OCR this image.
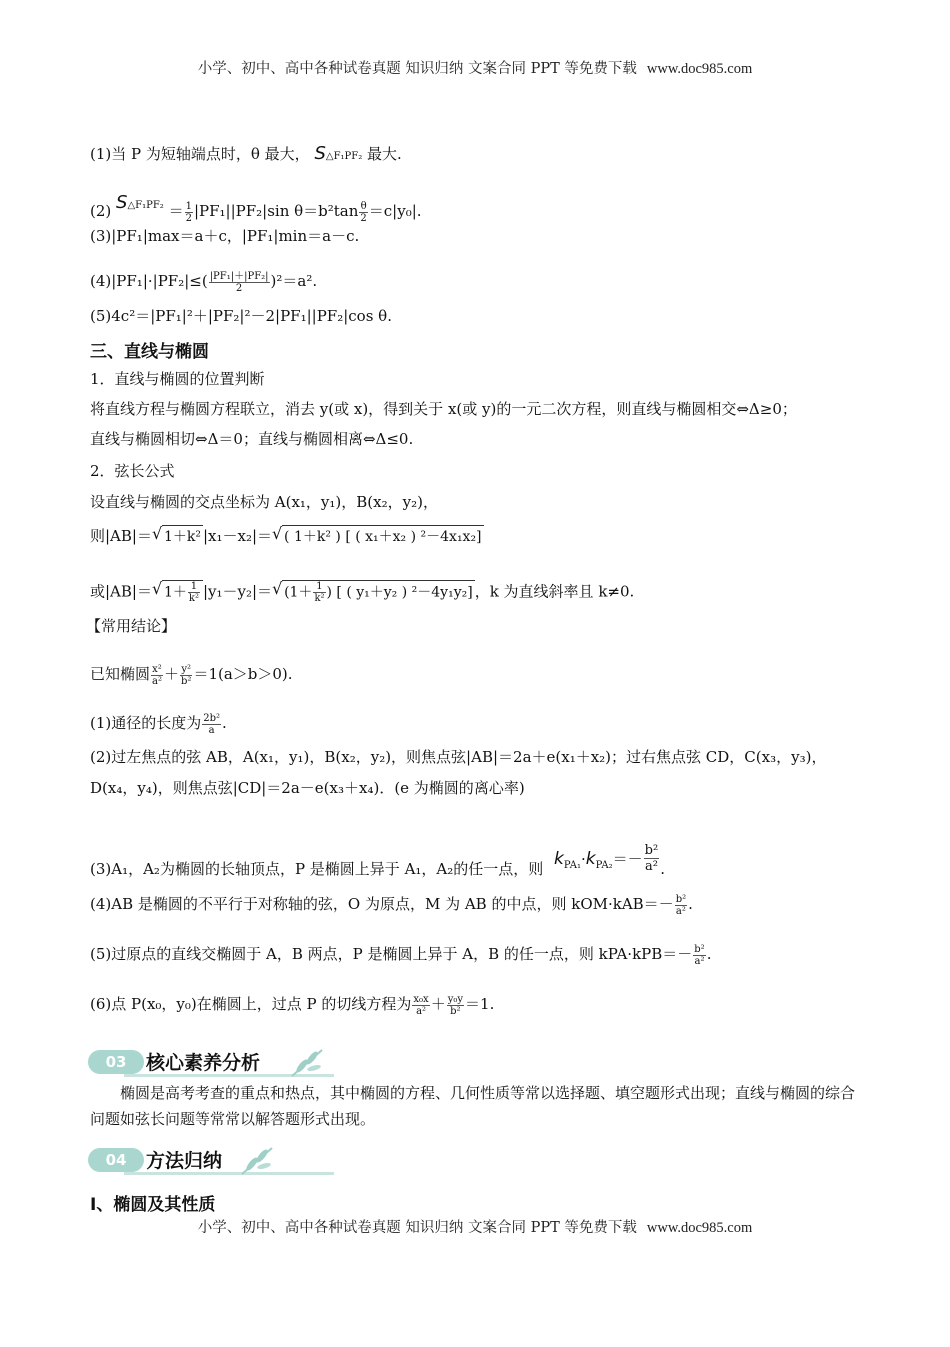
小学、初中、高中各种试卷真题 知识归纳 文案合同 PPT 等免费下载 www.doc985.com
(1)当 P 为短轴端点时，θ 最大， S△F₁PF₂ 最大.
(2) $S^{\triangle F_1PF_2} = \frac{1}{2} |PF_1||PF_2|\sin$ $\theta=b^2\tan \frac{\theta}{2} =c|y_0|$.
(3)|PF₁|max＝a＋c，|PF₁|min＝a－c.
$(4)|PF_1|\cdot|PF_2|\le( \frac{\text{|PF₁|＋|PF₂|}}{2} )^2=a^2$.
(5)4c²＝|PF₁|²＋|PF₂|²－2|PF₁||PF₂|cos θ.
三、直线与椭圆
1．直线与椭圆的位置判断
将直线方程与椭圆方程联立，消去 y(或 x)，得到关于 x(或 y)的一元二次方程，则直线与椭圆相交⇔Δ≥0；
直线与椭圆相切⇔Δ＝0；直线与椭圆相离⇔Δ≤0.
2．弦长公式
设直线与椭圆的交点坐标为 A(x₁，y₁)，B(x₂，y₂)，
则|AB|＝√ 1＋k² |x₁－x₂|＝√ ( 1＋k² ) [ ( x₁＋x₂ ) ²－4x₁x₂]
或|AB|＝√ $1+ \frac{1}{\text{k²}} |y_1-y_2|=√$ ($1+ \frac{1}{\text{k²}}$ ) [ ( y₁＋y₂ ) ²－4y₁y₂] ，k 为直线斜率且 k≠0.
【常用结论】
已知椭圆 $\frac{\text{x²}}{\text{a²}} + \frac{\text{y²}}{\text{b²}} =1(a>b>0)$.
(1)通径的长度为 $\frac{\text{2b²}}{a}$ .
(2)过左焦点的弦 AB，A(x₁，y₁)，B(x₂，y₂)，则焦点弦|AB|＝2a＋e(x₁＋x₂)；过右焦点弦 CD，C(x₃，y₃)，
D(x₄，y₄)，则焦点弦|CD|＝2a－e(x₃＋x₄)．(e 为椭圆的离心率)
(3)A₁，A₂为椭圆的长轴顶点，P 是椭圆上异于 A₁，A₂的任一点，则 $k^{PA_1}\cdot k^{PA_2}=- \frac{\text{b²}}{\text{a²}}$ .
(4)AB 是椭圆的不平行于对称轴的弦，O 为原点，M 为 AB 的中点，则 $kOM\cdot kAB=- \frac{\text{b²}}{\text{a²}}$ .
(5)过原点的直线交椭圆于 A，B 两点，P 是椭圆上异于 A，B 的任一点，则 $kPA\cdot kPB=- \frac{\text{b²}}{\text{a²}}$ .
(6)点 P(x₀，y₀)在椭圆上，过点 P 的切线方程为 $\frac{\text{x₀x}}{\text{a²}} + \frac{\text{y₀y}}{\text{b²}} =1$.
03	核心素养分析
椭圆是高考考查的重点和热点，其中椭圆的方程、几何性质等常以选择题、填空题形式出现；直线与椭圆的综合问题如弦长问题等常常以解答题形式出现。
04	方法归纳
Ⅰ、椭圆及其性质
小学、初中、高中各种试卷真题 知识归纳 文案合同 PPT 等免费下载 www.doc985.com
